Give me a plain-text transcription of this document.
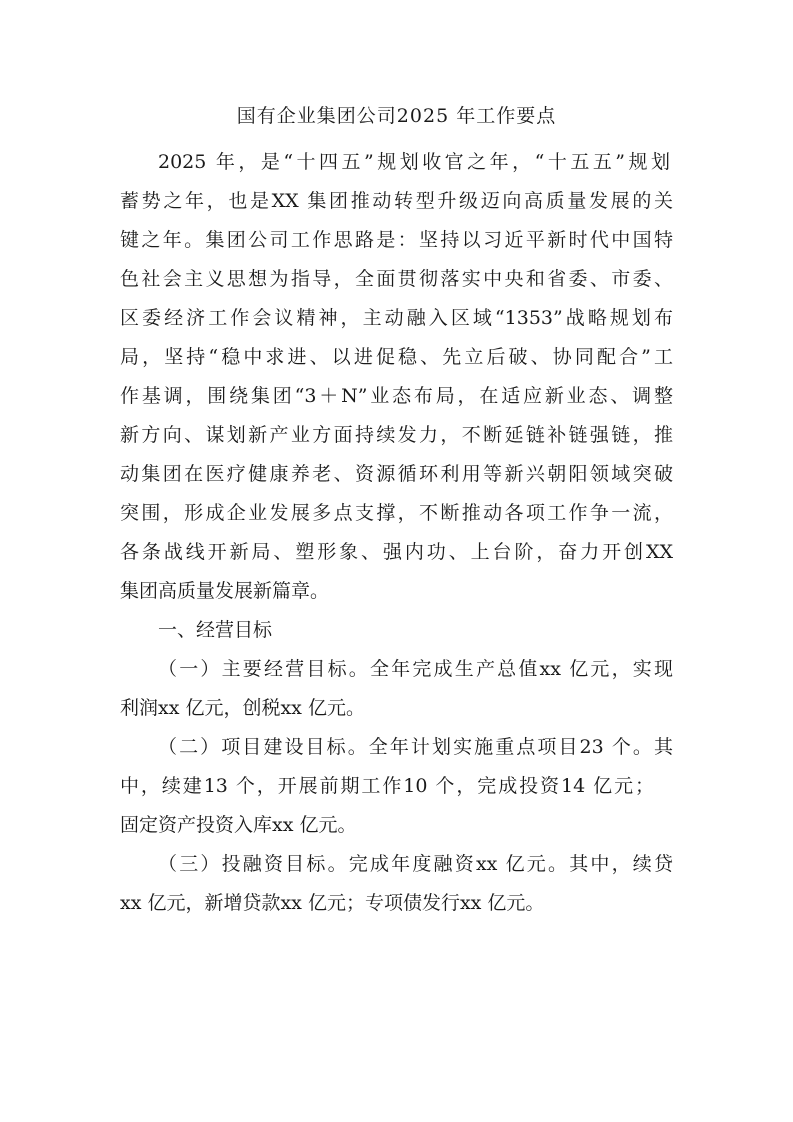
国有企业集团公司2025 年工作要点
2025 年，是“十四五”规划收官之年，“十五五”规划
蓄势之年，也是XX 集团推动转型升级迈向高质量发展的关
键之年。集团公司工作思路是：坚持以习近平新时代中国特
色社会主义思想为指导，全面贯彻落实中央和省委、市委、
区委经济工作会议精神，主动融入区域“1353”战略规划布
局，坚持“稳中求进、以进促稳、先立后破、协同配合”工
作基调，围绕集团“3＋N”业态布局，在适应新业态、调整
新方向、谋划新产业方面持续发力，不断延链补链强链，推
动集团在医疗健康养老、资源循环利用等新兴朝阳领域突破
突围，形成企业发展多点支撑，不断推动各项工作争一流，
各条战线开新局、塑形象、强内功、上台阶，奋力开创XX
集团高质量发展新篇章。
一、经营目标
（一）主要经营目标。全年完成生产总值xx 亿元，实现
利润xx 亿元，创税xx 亿元。
（二）项目建设目标。全年计划实施重点项目23 个。其
中，续建13 个，开展前期工作10 个，完成投资14 亿元；
固定资产投资入库xx 亿元。
（三）投融资目标。完成年度融资xx 亿元。其中，续贷
xx 亿元，新增贷款xx 亿元；专项债发行xx 亿元。
